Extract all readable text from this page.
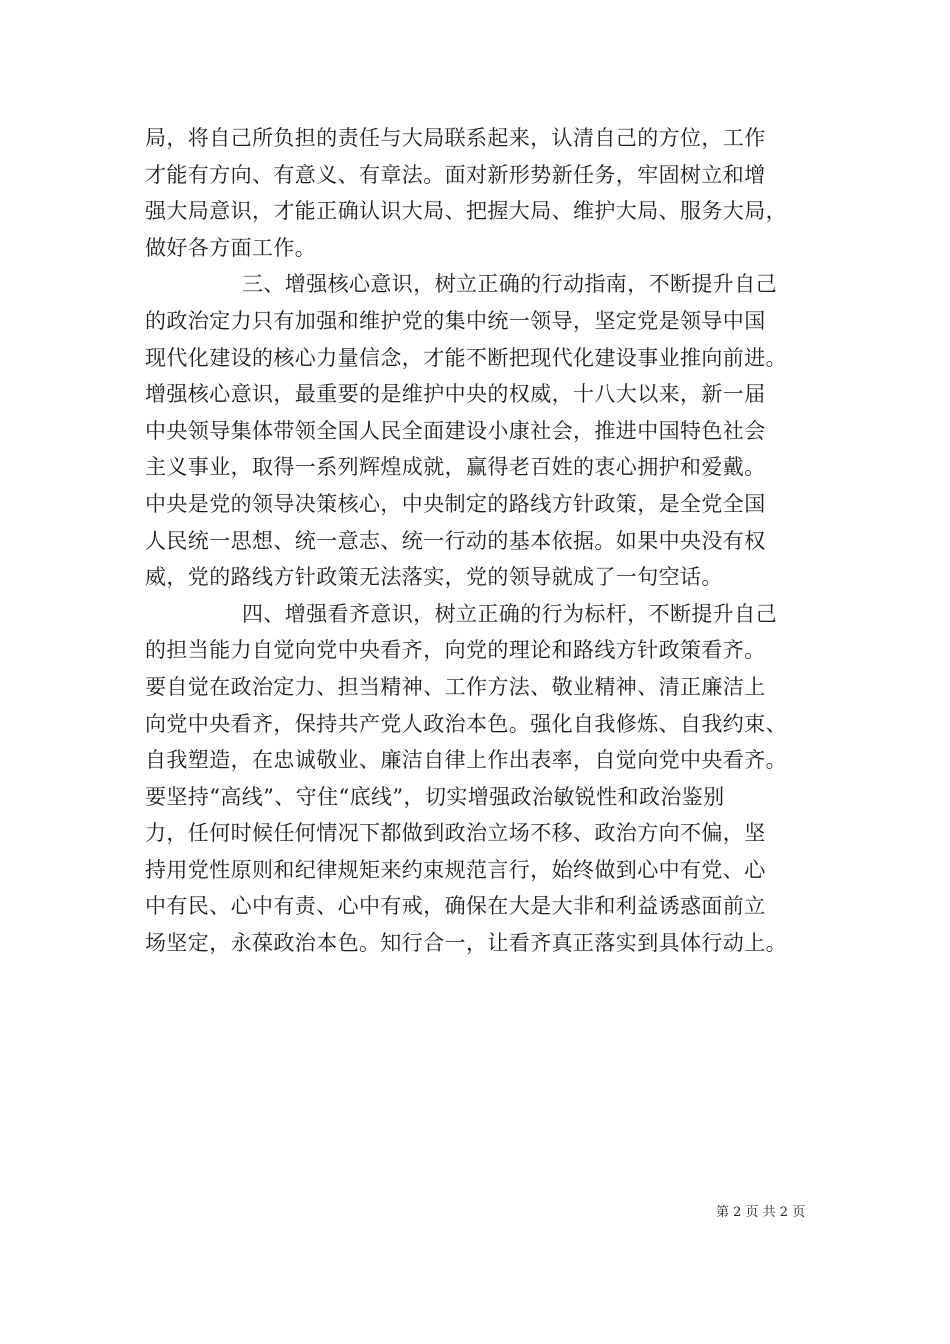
局，将自己所负担的责任与大局联系起来，认清自己的方位，工作
才能有方向、有意义、有章法。面对新形势新任务，牢固树立和增
强大局意识，才能正确认识大局、把握大局、维护大局、服务大局，
做好各方面工作。
三、增强核心意识，树立正确的行动指南，不断提升自己
的政治定力只有加强和维护党的集中统一领导，坚定党是领导中国
现代化建设的核心力量信念，才能不断把现代化建设事业推向前进。
增强核心意识，最重要的是维护中央的权威，十八大以来，新一届
中央领导集体带领全国人民全面建设小康社会，推进中国特色社会
主义事业，取得一系列辉煌成就，赢得老百姓的衷心拥护和爱戴。
中央是党的领导决策核心，中央制定的路线方针政策，是全党全国
人民统一思想、统一意志、统一行动的基本依据。如果中央没有权
威，党的路线方针政策无法落实，党的领导就成了一句空话。
四、增强看齐意识，树立正确的行为标杆，不断提升自己
的担当能力自觉向党中央看齐，向党的理论和路线方针政策看齐。
要自觉在政治定力、担当精神、工作方法、敬业精神、清正廉洁上
向党中央看齐，保持共产党人政治本色。强化自我修炼、自我约束、
自我塑造，在忠诚敬业、廉洁自律上作出表率，自觉向党中央看齐。
要坚持“高线”、守住“底线”，切实增强政治敏锐性和政治鉴别
力，任何时候任何情况下都做到政治立场不移、政治方向不偏，坚
持用党性原则和纪律规矩来约束规范言行，始终做到心中有党、心
中有民、心中有责、心中有戒，确保在大是大非和利益诱惑面前立
场坚定，永葆政治本色。知行合一，让看齐真正落实到具体行动上。
第 2 页 共 2 页
